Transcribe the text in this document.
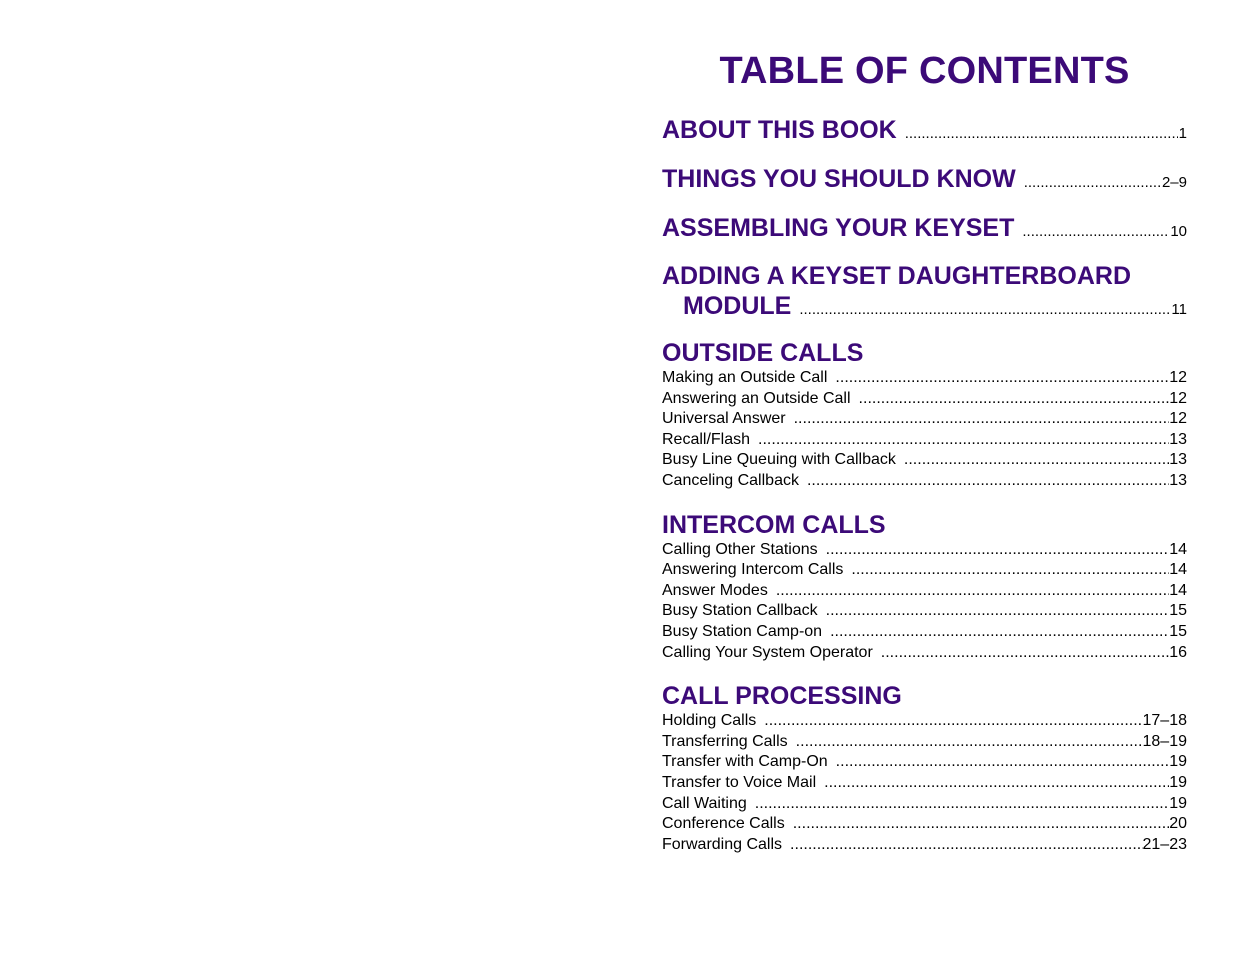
TABLE OF CONTENTS
ABOUT THIS BOOK .....	1
THINGS YOU SHOULD KNOW .....	2–9
ASSEMBLING YOUR KEYSET .....	10
ADDING A KEYSET DAUGHTERBOARD
MODULE .....	11
OUTSIDE CALLS
Making an Outside Call .....	12
Answering an Outside Call .....	12
Universal Answer .....	12
Recall/Flash .....	13
Busy Line Queuing with Callback .....	13
Canceling Callback .....	13
INTERCOM CALLS
Calling Other Stations .....	14
Answering Intercom Calls .....	14
Answer Modes .....	14
Busy Station Callback .....	15
Busy Station Camp-on .....	15
Calling Your System Operator .....	16
CALL PROCESSING
Holding Calls .....	17–18
Transferring Calls .....	18–19
Transfer with Camp-On .....	19
Transfer to Voice Mail .....	19
Call Waiting .....	19
Conference Calls .....	20
Forwarding Calls .....	21–23
